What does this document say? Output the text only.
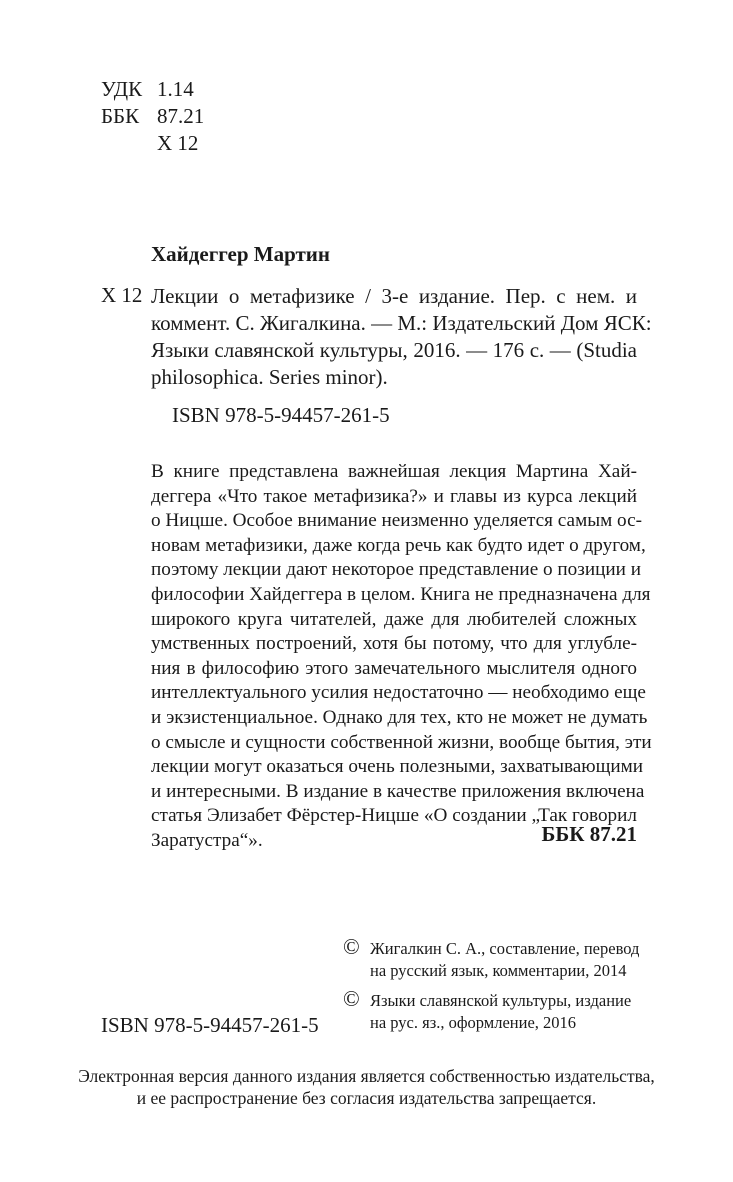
УДК 1.14
ББК 87.21
Х 12
Хайдеггер Мартин
Х 12 Лекции о метафизике / 3-е издание. Пер. с нем. и
коммент. С. Жигалкина. — М.: Издательский Дом ЯСК:
Языки славянской культуры, 2016. — 176 с. — (Studia
philosophica. Series minor).
ISBN 978-5-94457-261-5
В книге представлена важнейшая лекция Мартина Хай-
деггера «Что такое метафизика?» и главы из курса лекций
о Ницше. Особое внимание неизменно уделяется самым ос-
новам метафизики, даже когда речь как будто идет о другом,
поэтому лекции дают некоторое представление о позиции и
философии Хайдеггера в целом. Книга не предназначена для
широкого круга читателей, даже для любителей сложных
умственных построений, хотя бы потому, что для углубле-
ния в философию этого замечательного мыслителя одного
интеллектуального усилия недостаточно — необходимо еще
и экзистенциальное. Однако для тех, кто не может не думать
о смысле и сущности собственной жизни, вообще бытия, эти
лекции могут оказаться очень полезными, захватывающими
и интересными. В издание в качестве приложения включена
статья Элизабет Фёрстер-Ницше «О создании „Так говорил
Заратустра“».	ББК 87.21
© Жигалкин С. А., составление, перевод
на русский язык, комментарии, 2014
© Языки славянской культуры, издание
на рус. яз., оформление, 2016
ISBN 978-5-94457-261-5
Электронная версия данного издания является собственностью издательства,
и ее распространение без согласия издательства запрещается.
